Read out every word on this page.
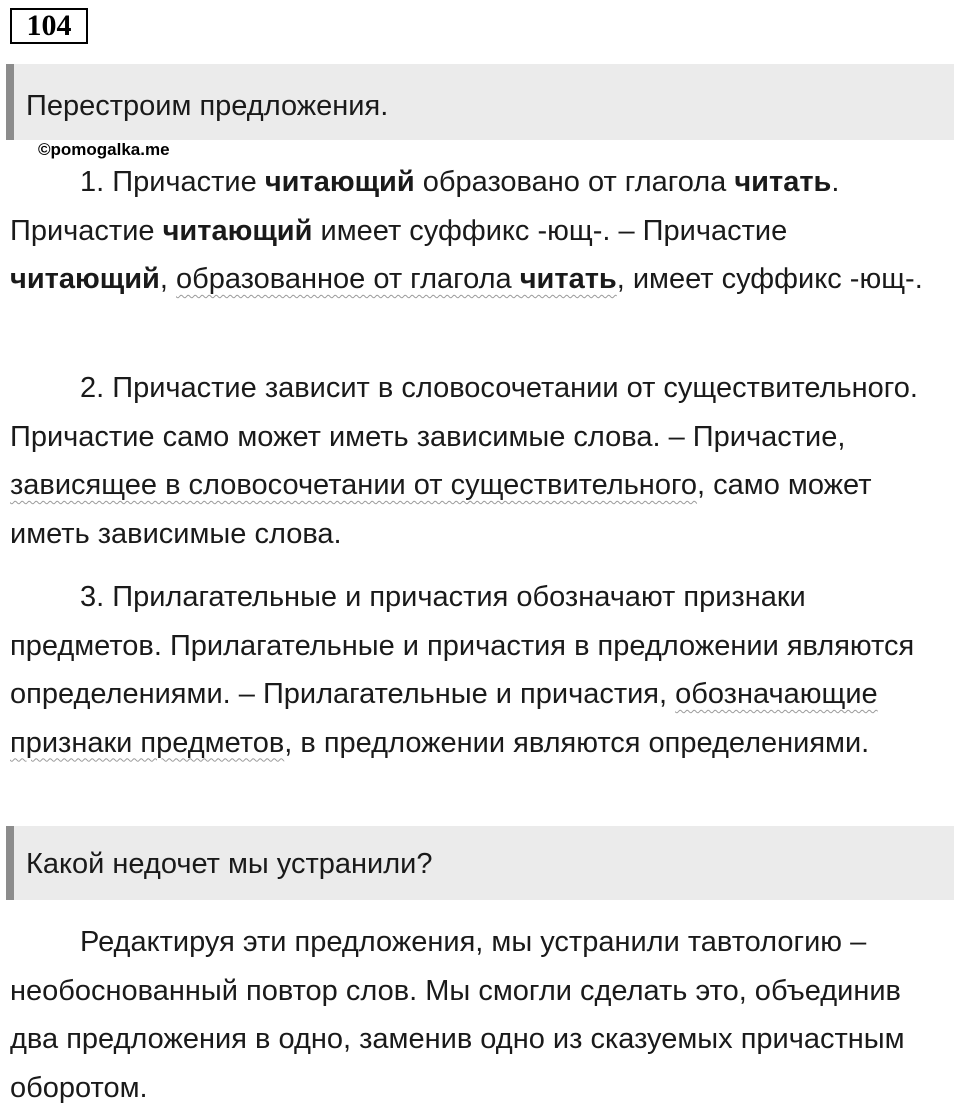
104
Перестроим предложения.
©pomogalka.me

1. Причастие читающий образовано от глагола читать. Причастие читающий имеет суффикс -ющ-. – Причастие читающий, образованное от глагола читать, имеет суффикс -ющ-.

2. Причастие зависит в словосочетании от существительного. Причастие само может иметь зависимые слова. – Причастие, зависящее в словосочетании от существительного, само может иметь зависимые слова.

3. Прилагательные и причастия обозначают признаки предметов. Прилагательные и причастия в предложении являются определениями. – Прилагательные и причастия, обозначающие признаки предметов, в предложении являются определениями.

Какой недочет мы устранили?

Редактируя эти предложения, мы устранили тавтологию – необоснованный повтор слов. Мы смогли сделать это, объединив два предложения в одно, заменив одно из сказуемых причастным оборотом.
